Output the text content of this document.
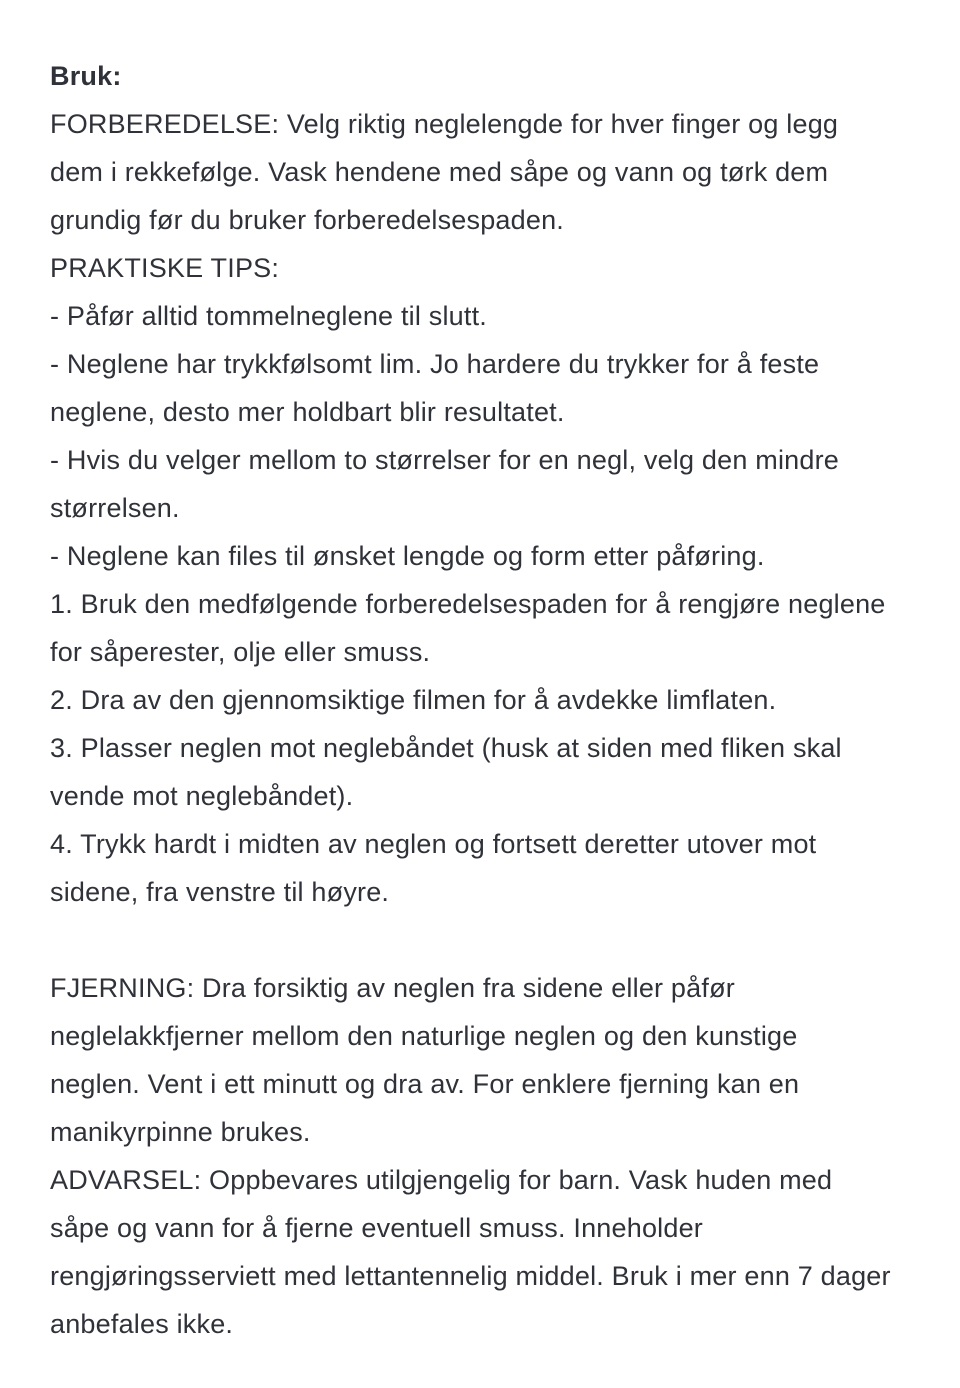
Bruk:

FORBEREDELSE: Velg riktig neglelengde for hver finger og legg dem i rekkefølge. Vask hendene med såpe og vann og tørk dem grundig før du bruker forberedelsespaden.

PRAKTISKE TIPS:

- Påfør alltid tommelneglene til slutt.

- Neglene har trykkfølsomt lim. Jo hardere du trykker for å feste neglene, desto mer holdbart blir resultatet.

- Hvis du velger mellom to størrelser for en negl, velg den mindre størrelsen.

- Neglene kan files til ønsket lengde og form etter påføring.

1. Bruk den medfølgende forberedelsespaden for å rengjøre neglene for såperester, olje eller smuss.

2. Dra av den gjennomsiktige filmen for å avdekke limflaten.

3. Plasser neglen mot neglebåndet (husk at siden med fliken skal vende mot neglebåndet).

4. Trykk hardt i midten av neglen og fortsett deretter utover mot sidene, fra venstre til høyre.

FJERNING: Dra forsiktig av neglen fra sidene eller påfør neglelakkfjerner mellom den naturlige neglen og den kunstige neglen. Vent i ett minutt og dra av. For enklere fjerning kan en manikyrpinne brukes.

ADVARSEL: Oppbevares utilgjengelig for barn. Vask huden med såpe og vann for å fjerne eventuell smuss. Inneholder rengjøringsserviett med lettantennelig middel. Bruk i mer enn 7 dager anbefales ikke.
